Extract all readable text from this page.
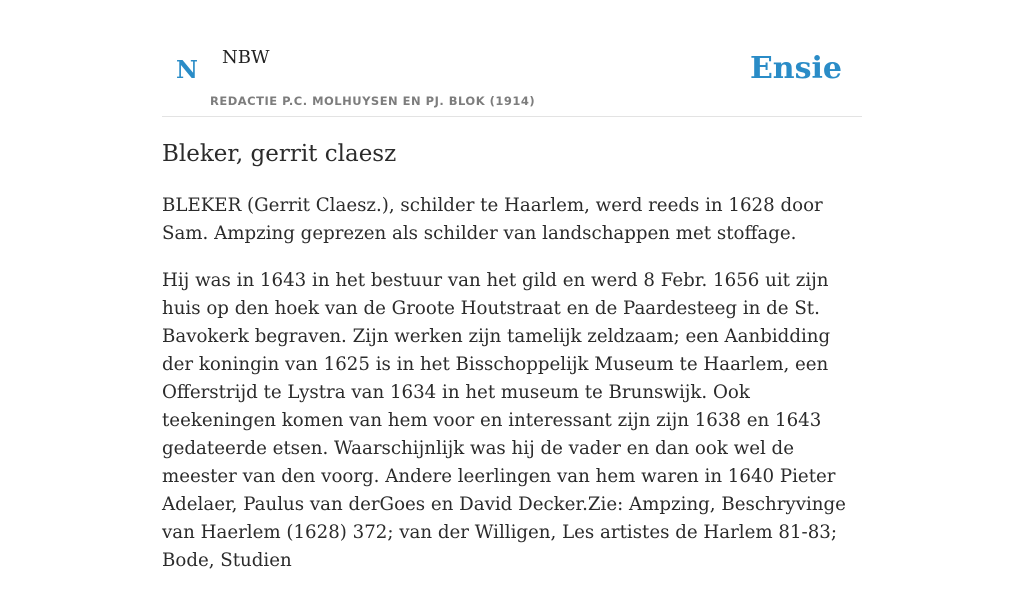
N NBW
REDACTIE P.C. MOLHUYSEN EN PJ. BLOK (1914)
Ensie
Bleker, gerrit claesz

BLEKER (Gerrit Claesz.), schilder te Haarlem, werd reeds in 1628 door Sam. Ampzing geprezen als schilder van landschappen met stoffage.

Hij was in 1643 in het bestuur van het gild en werd 8 Febr. 1656 uit zijn huis op den hoek van de Groote Houtstraat en de Paardesteeg in de St. Bavokerk begraven. Zijn werken zijn tamelijk zeldzaam; een Aanbidding der koningin van 1625 is in het Bisschoppelijk Museum te Haarlem, een Offerstrijd te Lystra van 1634 in het museum te Brunswijk. Ook teekeningen komen van hem voor en interessant zijn zijn 1638 en 1643 gedateerde etsen. Waarschijnlijk was hij de vader en dan ook wel de meester van den voorg. Andere leerlingen van hem waren in 1640 Pieter Adelaer, Paulus van derGoes en David Decker.Zie: Ampzing, Beschryvinge van Haerlem (1628) 372; van der Willigen, Les artistes de Harlem 81-83; Bode, Studien
